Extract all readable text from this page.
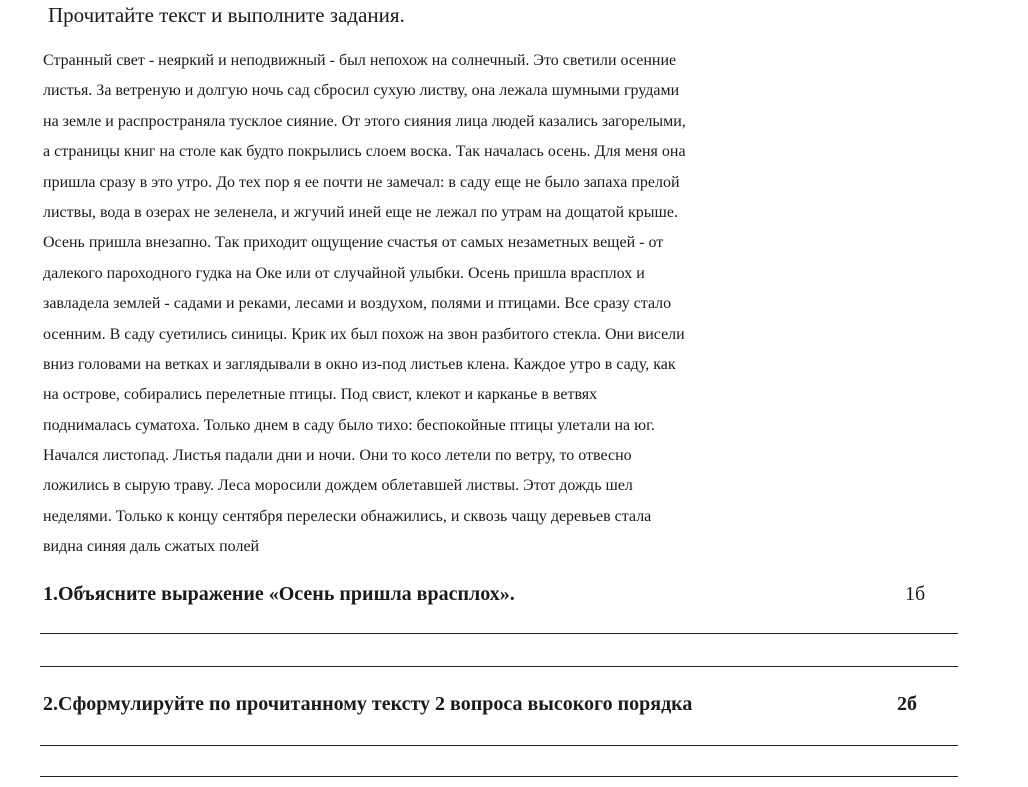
Прочитайте текст и выполните задания.
Странный свет - неяркий и неподвижный - был непохож на солнечный. Это светили осенние
листья. За ветреную и долгую ночь сад сбросил сухую листву, она лежала шумными грудами
на земле и распространяла тусклое сияние. От этого сияния лица людей казались загорелыми,
а страницы книг на столе как будто покрылись слоем воска. Так началась осень. Для меня она
пришла сразу в это утро. До тех пор я ее почти не замечал: в саду еще не было запаха прелой
листвы, вода в озерах не зеленела, и жгучий иней еще не лежал по утрам на дощатой крыше.
Осень пришла внезапно. Так приходит ощущение счастья от самых незаметных вещей - от
далекого пароходного гудка на Оке или от случайной улыбки. Осень пришла врасплох и
завладела землей - садами и реками, лесами и воздухом, полями и птицами. Все сразу стало
осенним. В саду суетились синицы. Крик их был похож на звон разбитого стекла. Они висели
вниз головами на ветках и заглядывали в окно из-под листьев клена. Каждое утро в саду, как
на острове, собирались перелетные птицы. Под свист, клекот и карканье в ветвях
поднималась суматоха. Только днем в саду было тихо: беспокойные птицы улетали на юг.
Начался листопад. Листья падали дни и ночи. Они то косо летели по ветру, то отвесно
ложились в сырую траву. Леса моросили дождем облетавшей листвы. Этот дождь шел
неделями. Только к концу сентября перелески обнажились, и сквозь чащу деревьев стала
видна синяя даль сжатых полей
1.Объясните выражение «Осень пришла врасплох».	1б
2.Сформулируйте по прочитанному тексту 2 вопроса высокого порядка	2б
